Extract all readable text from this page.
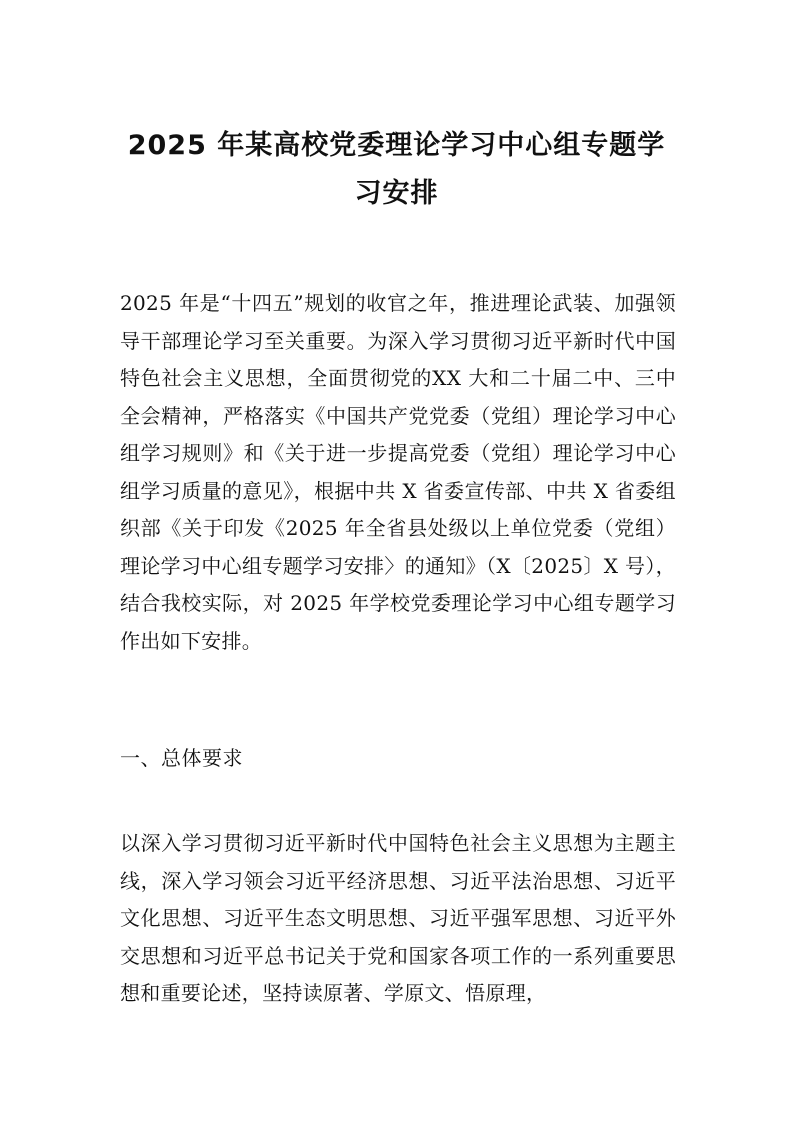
2025 年某高校党委理论学习中心组专题学习安排

2025 年是“十四五”规划的收官之年，推进理论武装、加强领导干部理论学习至关重要。为深入学习贯彻习近平新时代中国特色社会主义思想，全面贯彻党的XX 大和二十届二中、三中全会精神，严格落实《中国共产党党委（党组）理论学习中心组学习规则》和《关于进一步提高党委（党组）理论学习中心组学习质量的意见》，根据中共 X 省委宣传部、中共 X 省委组织部《关于印发《2025 年全省县处级以上单位党委（党组）理论学习中心组专题学习安排〉的通知》（X〔2025〕X 号），结合我校实际，对 2025 年学校党委理论学习中心组专题学习作出如下安排。

一、总体要求

以深入学习贯彻习近平新时代中国特色社会主义思想为主题主线，深入学习领会习近平经济思想、习近平法治思想、习近平文化思想、习近平生态文明思想、习近平强军思想、习近平外交思想和习近平总书记关于党和国家各项工作的一系列重要思想和重要论述，坚持读原著、学原文、悟原理，
